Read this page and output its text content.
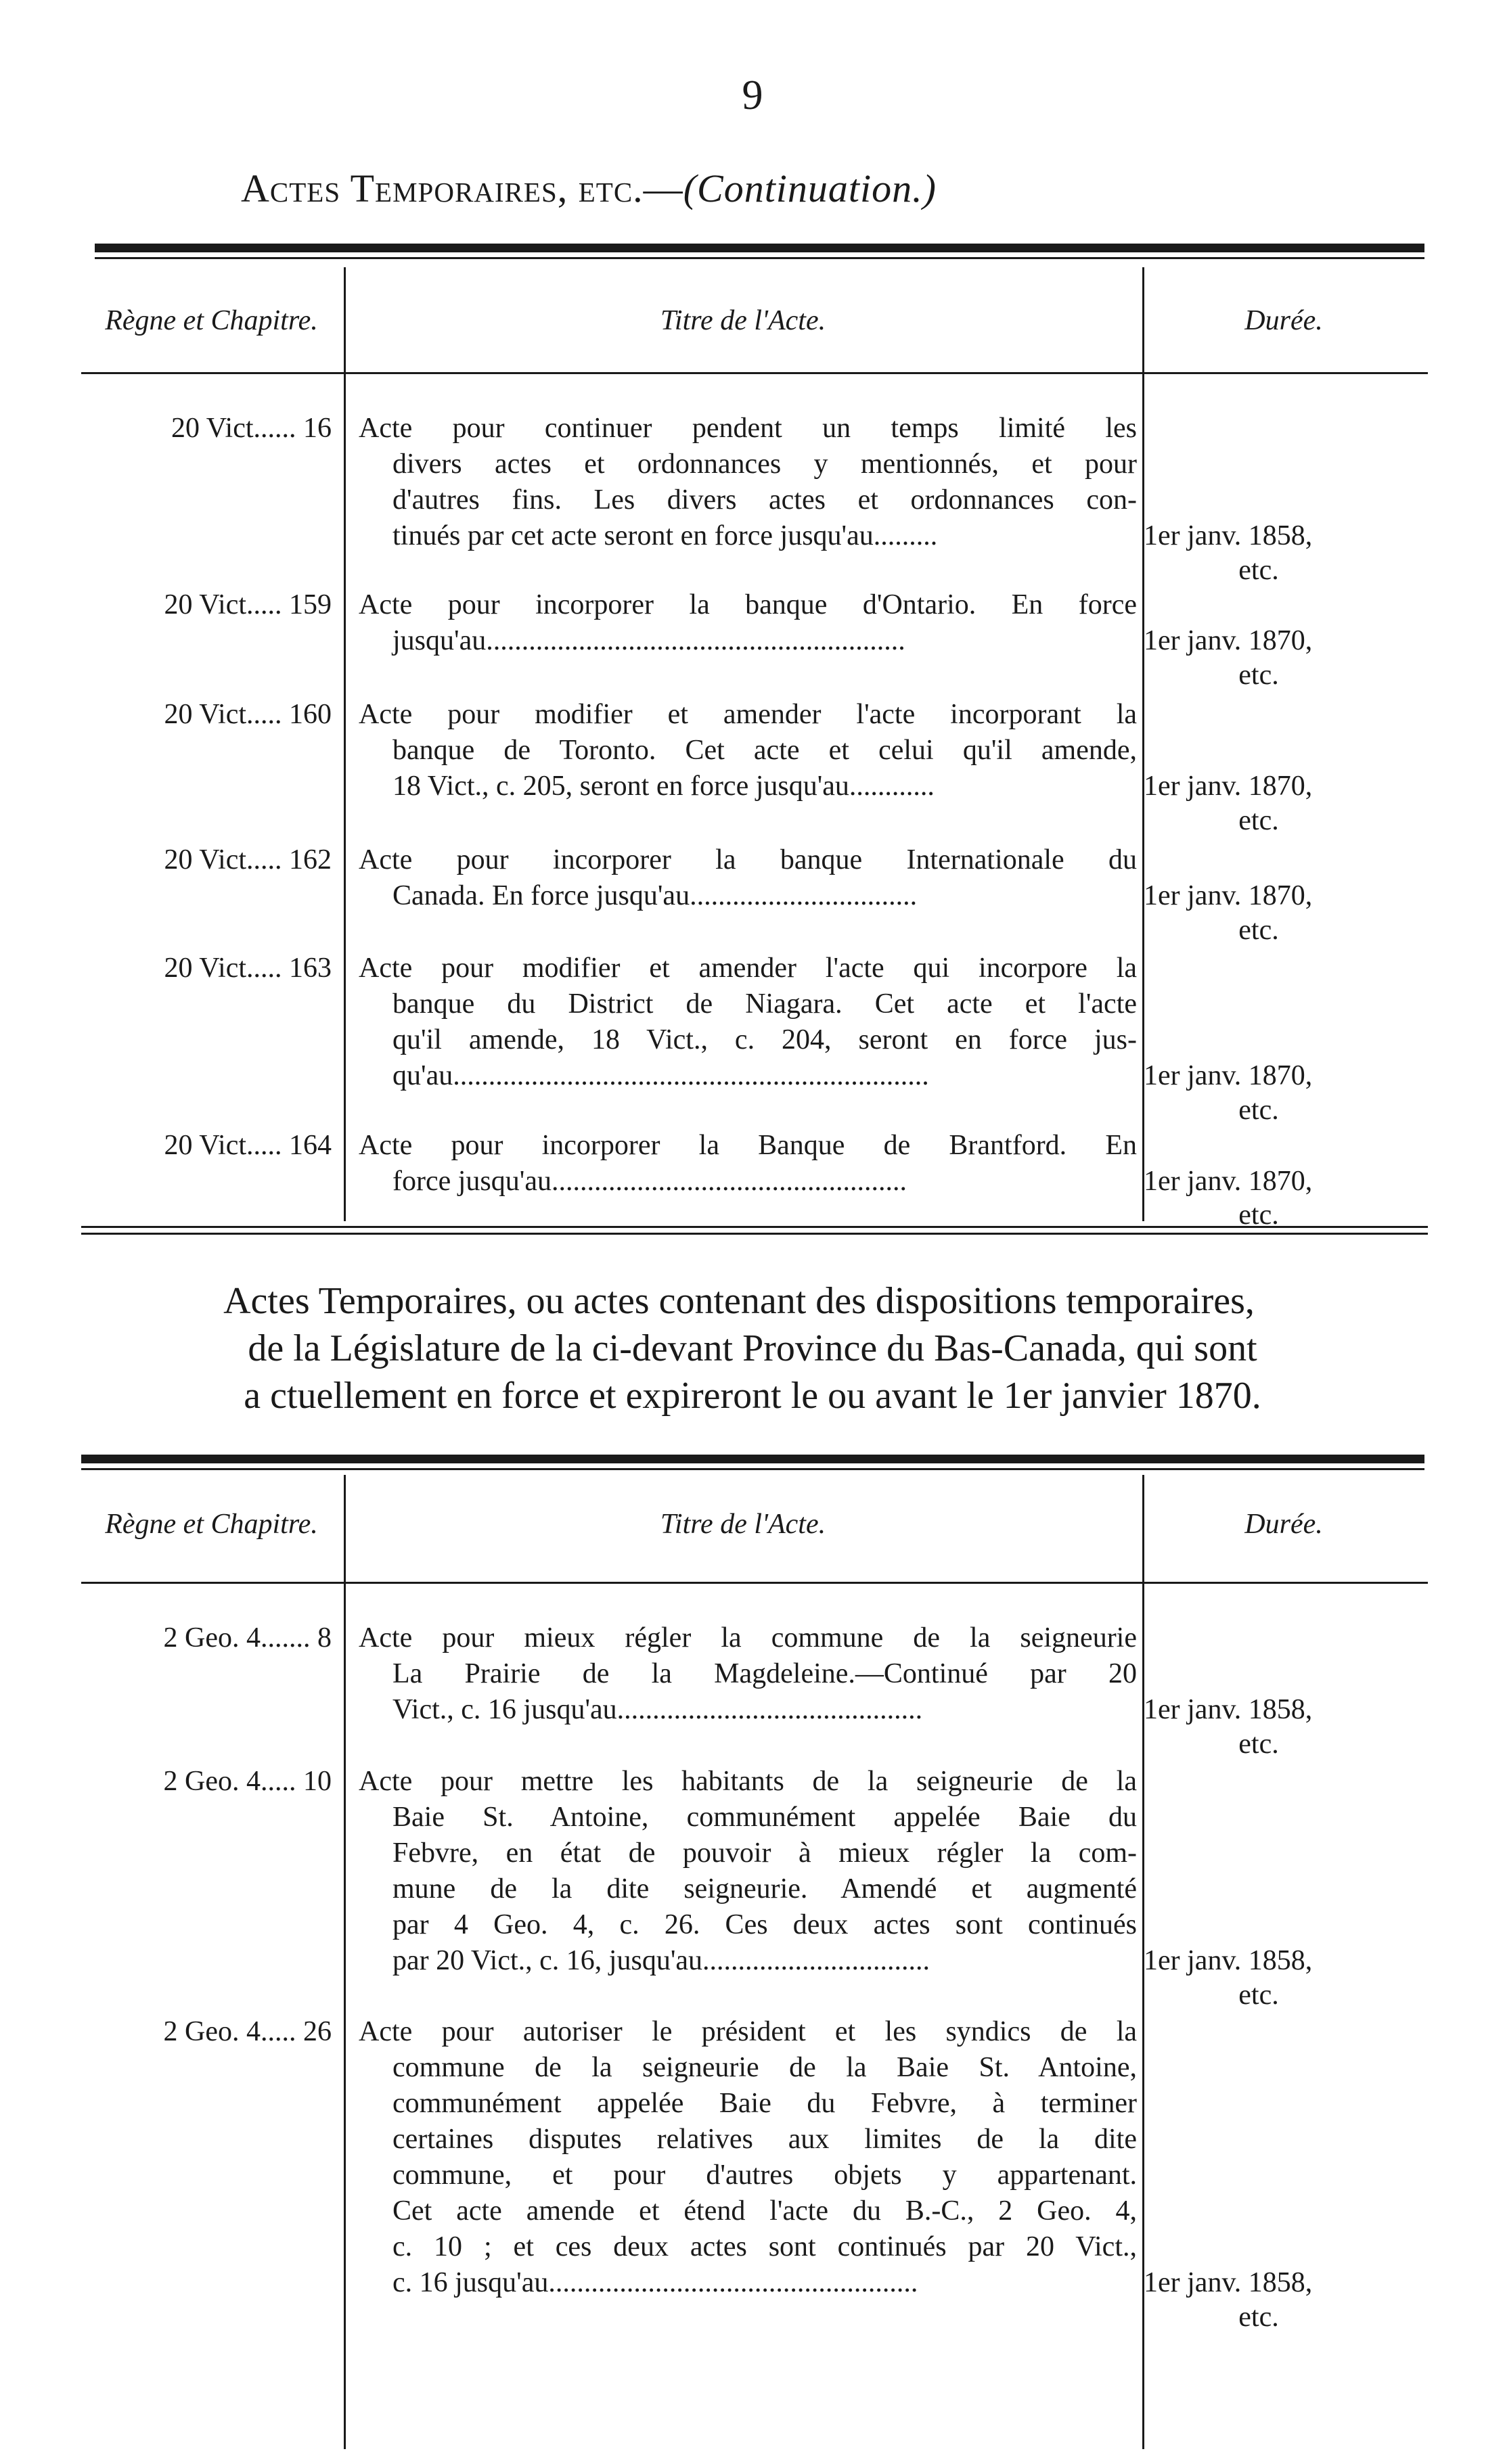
9
Actes Temporaires, etc.—(Continuation.)
Règne et Chapitre.	Titre de l'Acte.	Durée.
20 Vict...... 16 Acte pour continuer pendent un temps limité les
divers actes et ordonnances y mentionnés, et pour
d'autres fins. Les divers actes et ordonnances con-
tinués par cet acte seront en force jusqu'au.........	1er janv. 1858,
etc.
20 Vict..... 159 Acte pour incorporer la banque d'Ontario. En force
jusqu'au...........................................................	1er janv. 1870,
etc.
20 Vict..... 160 Acte pour modifier et amender l'acte incorporant la
banque de Toronto. Cet acte et celui qu'il amende,
18 Vict., c. 205, seront en force jusqu'au............	1er janv. 1870,
etc.
20 Vict..... 162 Acte pour incorporer la banque Internationale du
Canada. En force jusqu'au................................	1er janv. 1870,
etc.
20 Vict..... 163 Acte pour modifier et amender l'acte qui incorpore la
banque du District de Niagara. Cet acte et l'acte
qu'il amende, 18 Vict., c. 204, seront en force jus-
qu'au...................................................................	1er janv. 1870,
etc.
20 Vict..... 164 Acte pour incorporer la Banque de Brantford. En
force jusqu'au..................................................	1er janv. 1870,
etc.
Actes Temporaires, ou actes contenant des dispositions temporaires,
de la Législature de la ci-devant Province du Bas-Canada, qui sont
a ctuellement en force et expireront le ou avant le 1er janvier 1870.
Règne et Chapitre.	Titre de l'Acte.	Durée.
2 Geo. 4....... 8 Acte pour mieux régler la commune de la seigneurie
La Prairie de la Magdeleine.—Continué par 20
Vict., c. 16 jusqu'au...........................................	1er janv. 1858,
etc.
2 Geo. 4..... 10 Acte pour mettre les habitants de la seigneurie de la
Baie St. Antoine, communément appelée Baie du
Febvre, en état de pouvoir à mieux régler la com-
mune de la dite seigneurie. Amendé et augmenté
par 4 Geo. 4, c. 26. Ces deux actes sont continués
par 20 Vict., c. 16, jusqu'au................................	1er janv. 1858,
etc.
2 Geo. 4..... 26 Acte pour autoriser le président et les syndics de la
commune de la seigneurie de la Baie St. Antoine,
communément appelée Baie du Febvre, à terminer
certaines disputes relatives aux limites de la dite
commune, et pour d'autres objets y appartenant.
Cet acte amende et étend l'acte du B.-C., 2 Geo. 4,
c. 10 ; et ces deux actes sont continués par 20 Vict.,
c. 16 jusqu'au....................................................	1er janv. 1858,
etc.
